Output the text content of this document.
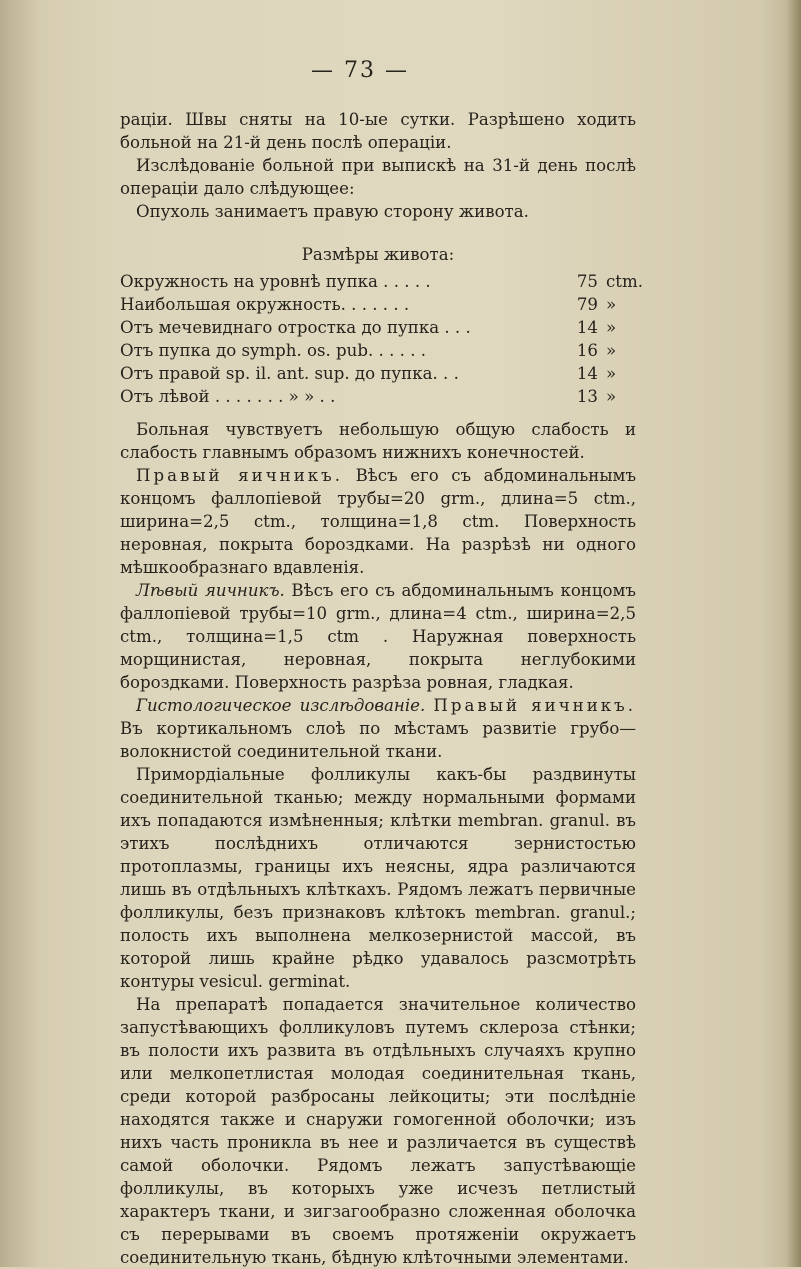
— 73 —

раціи. Швы сняты на 10-ые сутки. Разрѣшено ходить больной на 21-й день послѣ операціи.

Изслѣдованіе больной при выпискѣ на 31-й день послѣ операціи дало слѣдующее:

Опухоль занимаетъ правую сторону живота.

Размѣры живота:

Окружность на уровнѣ пупка . . . . .	75 ctm.
Наибольшая окружность. . . . . . .	79 »
Отъ мечевиднаго отростка до пупка . . .	14 »
Отъ пупка до symph. os. pub. . . . . .	16 »
Отъ правой sp. il. ant. sup. до пупка. . .	14 »
Отъ лѣвой . . . . . . . » » . .	13 »

Больная чувствуетъ небольшую общую слабость и слабость главнымъ образомъ нижнихъ конечностей.

Правый яичникъ. Вѣсъ его съ абдоминальнымъ концомъ фаллопіевой трубы=20 grm., длина=5 ctm., ширина=2,5 ctm., толщина=1,8 ctm. Поверхность неровная, покрыта бороздками. На разрѣзѣ ни одного мѣшкообразнаго вдавленія.

Лѣвый яичникъ. Вѣсъ его съ абдоминальнымъ концомъ фаллопіевой трубы=10 grm., длина=4 ctm., ширина=2,5 ctm., толщина=1,5 ctm . Наружная поверхность морщинистая, неровная, покрыта неглубокими бороздками. Поверхность разрѣза ровная, гладкая.

Гистологическое изслѣдованіе. Правый яичникъ. Въ кортикальномъ слоѣ по мѣстамъ развитіе грубо—волокнистой соединительной ткани.

Примордіальные фолликулы какъ-бы раздвинуты соединительной тканью; между нормальными формами ихъ попадаются измѣненныя; клѣтки membran. granul. въ этихъ послѣднихъ отличаются зернистостью протоплазмы, границы ихъ неясны, ядра различаются лишь въ отдѣльныхъ клѣткахъ. Рядомъ лежатъ первичные фолликулы, безъ признаковъ клѣтокъ membran. granul.; полость ихъ выполнена мелкозернистой массой, въ которой лишь крайне рѣдко удавалось разсмотрѣть контуры vesicul. germinat.

На препаратѣ попадается значительное количество запустѣвающихъ фолликуловъ путемъ склероза стѣнки; въ полости ихъ развита въ отдѣльныхъ случаяхъ крупно или мелкопетлистая молодая соединительная ткань, среди которой разбросаны лейкоциты; эти послѣдніе находятся также и снаружи гомогенной оболочки; изъ нихъ часть проникла въ нее и различается въ существѣ самой оболочки. Рядомъ лежатъ запустѣвающіе фолликулы, въ которыхъ уже исчезъ петлистый характеръ ткани, и зигзагообразно сложенная оболочка съ перерывами въ своемъ протяженіи окружаетъ соединительную ткань, бѣдную клѣточными элементами.
